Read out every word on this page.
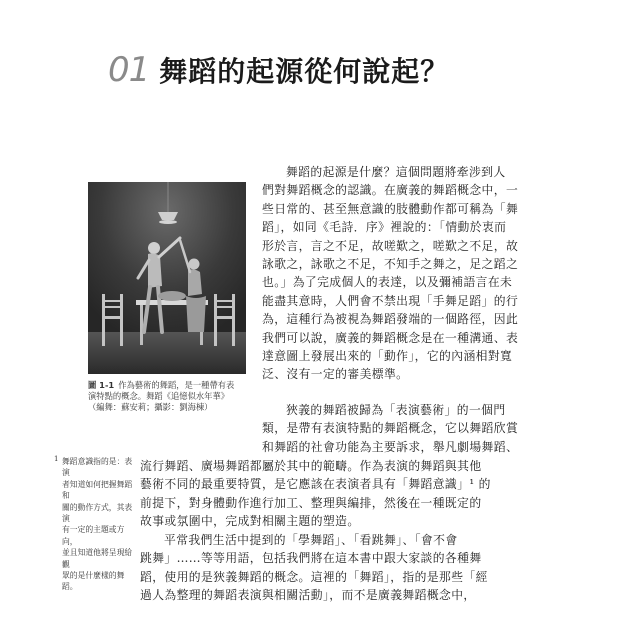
01 舞蹈的起源從何說起？
圖 1-1 作為藝術的舞蹈，是一種帶有表
演特點的概念。舞蹈《追憶似水年華》
（編舞：蘇安莉；攝影：劉海棟）
舞蹈的起源是什麼？這個問題將牽涉到人
們對舞蹈概念的認識。在廣義的舞蹈概念中，一
些日常的、甚至無意識的肢體動作都可稱為「舞
蹈」，如同《毛詩．序》裡說的：「情動於衷而
形於言，言之不足，故嗟歎之，嗟歎之不足，故
詠歌之，詠歌之不足，不知手之舞之，足之蹈之
也。」為了完成個人的表達，以及彌補語言在未
能盡其意時，人們會不禁出現「手舞足蹈」的行
為，這種行為被視為舞蹈發端的一個路徑，因此
我們可以說，廣義的舞蹈概念是在一種溝通、表
達意圖上發展出來的「動作」，它的內涵相對寬
泛、沒有一定的審美標準。
狹義的舞蹈被歸為「表演藝術」的一個門
類，是帶有表演特點的舞蹈概念，它以舞蹈欣賞
和舞蹈的社會功能為主要訴求，舉凡劇場舞蹈、
流行舞蹈、廣場舞蹈都屬於其中的範疇。作為表演的舞蹈與其他
藝術不同的最重要特質，是它應該在表演者具有「舞蹈意識」¹ 的
前提下，對身體動作進行加工、整理與編排，然後在一種既定的
故事或氛圍中，完成對相關主題的塑造。
平常我們生活中提到的「學舞蹈」、「看跳舞」、「會不會
跳舞」……等等用語，包括我們將在這本書中跟大家談的各種舞
蹈，使用的是狹義舞蹈的概念。這裡的「舞蹈」，指的是那些「經
過人為整理的舞蹈表演與相關活動」，而不是廣義舞蹈概念中，
1 舞蹈意識指的是：表演
者知道如何把握舞蹈和
關的動作方式，其表演
有一定的主題或方向，
並且知道他將呈現給觀
眾的是什麼樣的舞蹈。
